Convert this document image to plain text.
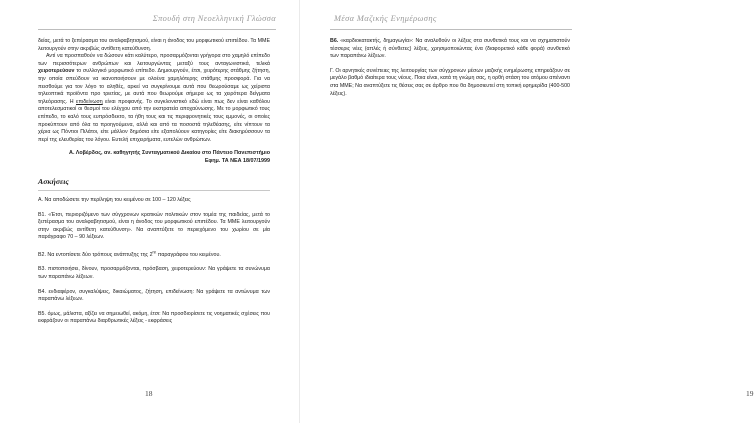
Σπουδή στη Νεοελληνική Γλώσσα

δείας, μετά το ξεπέρασμα του αναλφαβητισμού, είναι η άνοδος του μορφωτικού επιπέδου. Τα ΜΜΕ λειτουργούν στην ακριβώς αντίθετη κατεύθυνση.

Αντί να προσπαθούν να δώσουν κάτι καλύτερο, προσαρμόζονται γρήγορα στο χαμηλό επίπεδο των περισσότερων ανθρώπων και λειτουργώντας μεταξύ τους ανταγωνιστικά, τελικά χειροτερεύουν το συλλογικό μορφωτικό επίπεδο. Δημιουργούν, έτσι, χειρότερης στάθμης ζήτηση, την οποία σπεύδουν να ικανοποιήσουν με ολοένα χαμηλότερης στάθμης προσφορά. Για να πεισθούμε για τον λόγο το αληθές, αρκεί να συγκρίνουμε αυτά που θεωρούσαμε ως χείριστα τηλεοπτικά προϊόντα προ τριετίας, με αυτά που θεωρούμε σήμερα ως τα χειρότερα δείγματα τηλεόρασης. Η επιδείνωση είναι προφανής. Το συγκλονιστικό εδώ είναι πως δεν είναι καθόλου αποτελεσματικοί οι θεσμοί του ελέγχου από την εκστρατεία αποχαύνωσης. Με το μορφωτικό τους επίπεδο, το καλό τους ευπρόσδεκτο, τα ήθη τους και τις περιφρονητικές τους εμμονές, οι οποίες προκύπτουν από όλα τα προηγούμενα, αλλά και από τα ποσοστά τηλεθέασης, είτε νίπτουν τα χέρια ως Πόντιοι Πιλάτοι, είτε μάλλον δημόσια είτε εξαπολύουν κατηγορίες είτε διακηρύσσουν τα περί της ελευθερίας του λόγου. Ευτελή επιχειρήματα, ευτελών ανθρώπων.

Α. Λοβέρδος, αν. καθηγητής Συνταγματικού Δικαίου στο Πάντειο Πανεπιστήμιο

Εφημ. ΤΑ ΝΕΑ 18/07/1999

Ασκήσεις

Α. Να αποδώσετε την περίληψη του κειμένου σε 100 – 120 λέξεις

Β1. «Έτσι, περιοριζόμενο των σύγχρονων κρατικών πολιτικών στον τομέα της παιδείας, μετά το ξεπέρασμα του αναλφαβητισμού, είναι η άνοδος του μορφωτικού επιπέδου. Τα ΜΜΕ λειτουργούν στην ακριβώς αντίθετη κατεύθυνση». Να αναπτύξετε το περιεχόμενο του χωρίου σε μία παράγραφο 70 – 90 λέξεων.

Β2. Να εντοπίσετε δύο τρόπους ανάπτυξης της $2^{\eta\varsigma}$ παραγράφου του κειμένου.

Β3. πιστοποιήσει, δίνουν, προσαρμόζονται, πρόσβαση, χειροτερεύουν: Να γράψετε τα συνώνυμα των παραπάνω λέξεων.

Β4. ενδιαφέρον, συγκαλύψεις, δικαιώματος, ζήτηση, επιδείνωση: Να γράψετε τα αντώνυμα των παραπάνω λέξεων.

Β5. όμως, μάλιστα, αξίζει να σημειωθεί, ακόμη, έτσι: Να προσδιορίσετε τις νοηματικές σχέσεις που εκφράζουν οι παραπάνω διαρθρωτικές λέξεις - εκφράσεις

18
Μέσα Μαζικής Ενημέρωσης

Β6. «καρδιοκατακτής, δημαγωγία»: Να αναλυθούν οι λέξεις στα συνθετικά τους και να σχηματιστούν τέσσερις νέες (απλές ή σύνθετες) λέξεις, χρησιμοποιώντας ένα (διαφορετικό κάθε φορά) συνθετικό των παραπάνω λέξεων.

Γ. Οι αρνητικές συνέπειες της λειτουργίας των σύγχρονων μέσων μαζικής ενημέρωσης επηρεάζουν σε μεγάλο βαθμό ιδιαίτερα τους νέους. Ποια είναι, κατά τη γνώμη σας, η ορθή στάση του ατόμου απέναντι στα ΜΜΕ; Να αναπτύξετε τις θέσεις σας σε άρθρο που θα δημοσιευτεί στη τοπική εφημερίδα (400-500 λέξεις).

19
